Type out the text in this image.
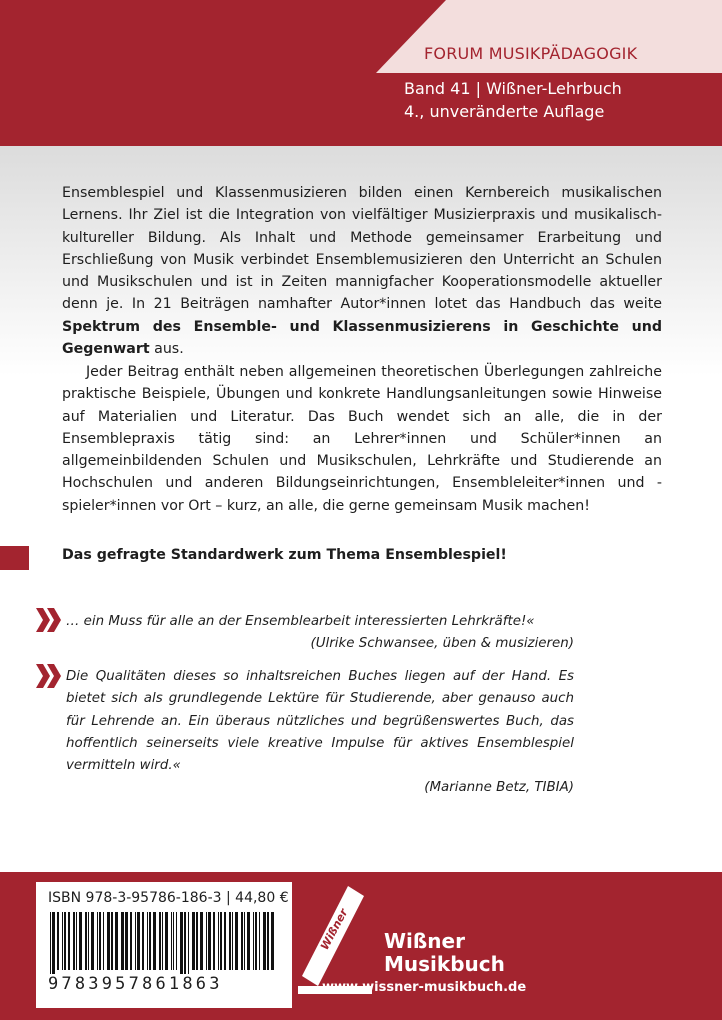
FORUM MUSIKPÄDAGOGIK
Band 41 | Wißner-Lehrbuch
4., unveränderte Auflage
Ensemblespiel und Klassenmusizieren bilden einen Kernbereich musikalischen Lernens. Ihr Ziel ist die Integration von vielfältiger Musizierpraxis und musikalisch-kultureller Bildung. Als Inhalt und Methode gemeinsamer Erarbeitung und Erschließung von Musik verbindet Ensemblemusizieren den Unterricht an Schulen und Musikschulen und ist in Zeiten mannigfacher Kooperationsmodelle aktueller denn je. In 21 Beiträgen namhafter Autor*innen lotet das Handbuch das weite Spektrum des Ensemble- und Klassenmusizierens in Geschichte und Gegenwart aus.
Jeder Beitrag enthält neben allgemeinen theoretischen Überlegungen zahlreiche praktische Beispiele, Übungen und konkrete Handlungsanleitungen sowie Hinweise auf Materialien und Literatur. Das Buch wendet sich an alle, die in der Ensemblepraxis tätig sind: an Lehrer*innen und Schüler*innen an allgemeinbildenden Schulen und Musikschulen, Lehrkräfte und Studierende an Hochschulen und anderen Bildungseinrichtungen, Ensembleleiter*innen und -spieler*innen vor Ort – kurz, an alle, die gerne gemeinsam Musik machen!
Das gefragte Standardwerk zum Thema Ensemblespiel!
… ein Muss für alle an der Ensemblearbeit interessierten Lehrkräfte!«
(Ulrike Schwansee, üben & musizieren)
Die Qualitäten dieses so inhaltsreichen Buches liegen auf der Hand. Es bietet sich als grundlegende Lektüre für Studierende, aber genauso auch für Lehrende an. Ein überaus nützliches und begrüßenswertes Buch, das hoffentlich seinerseits viele kreative Impulse für aktives Ensemblespiel vermitteln wird.«
(Marianne Betz, TIBIA)
ISBN 978-3-95786-186-3 | 44,80 €
9783957861863
Wißner Wißner
Musikbuch
www.wissner-musikbuch.de
